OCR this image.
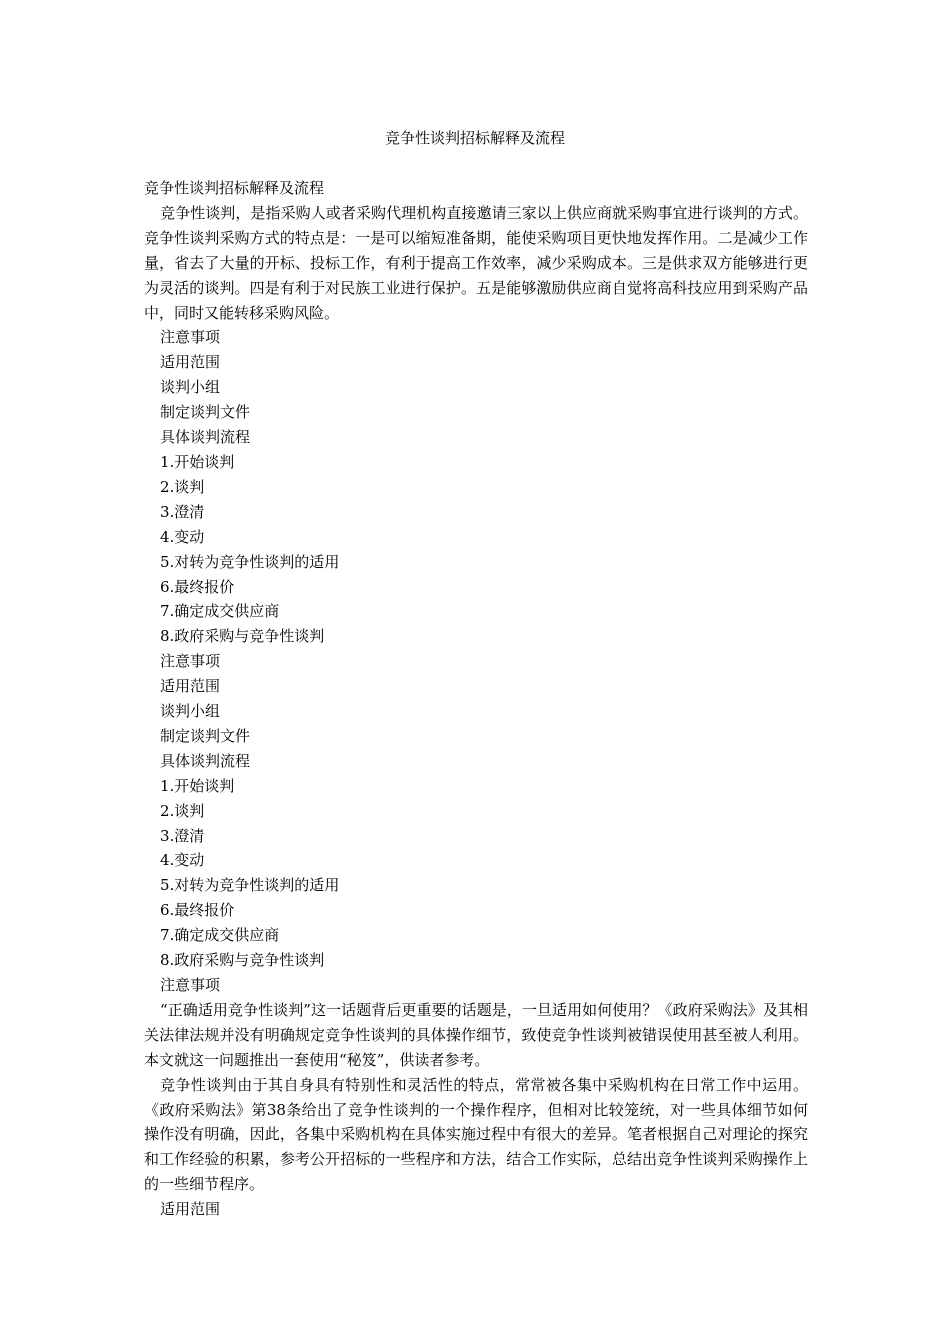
竞争性谈判招标解释及流程

竞争性谈判招标解释及流程

竞争性谈判，是指采购人或者采购代理机构直接邀请三家以上供应商就采购事宜进行谈判的方式。 竞争性谈判采购方式的特点是：一是可以缩短准备期，能使采购项目更快地发挥作用。二是减少工作量，省去了大量的开标、投标工作，有利于提高工作效率，减少采购成本。三是供求双方能够进行更为灵活的谈判。四是有利于对民族工业进行保护。五是能够激励供应商自觉将高科技应用到采购产品中，同时又能转移采购风险。

注意事项

适用范围

谈判小组

制定谈判文件

具体谈判流程

1.开始谈判

2.谈判

3.澄清

4.变动

5.对转为竞争性谈判的适用

6.最终报价

7.确定成交供应商

8.政府采购与竞争性谈判

注意事项

适用范围

谈判小组

制定谈判文件

具体谈判流程

1.开始谈判

2.谈判

3.澄清

4.变动

5.对转为竞争性谈判的适用

6.最终报价

7.确定成交供应商

8.政府采购与竞争性谈判

注意事项

“正确适用竞争性谈判”这一话题背后更重要的话题是，一旦适用如何使用？《政府采购法》及其相关法律法规并没有明确规定竞争性谈判的具体操作细节，致使竞争性谈判被错误使用甚至被人利用。本文就这一问题推出一套使用“秘笈”，供读者参考。

竞争性谈判由于其自身具有特别性和灵活性的特点，常常被各集中采购机构在日常工作中运用。《政府采购法》第38条给出了竞争性谈判的一个操作程序，但相对比较笼统，对一些具体细节如何操作没有明确，因此，各集中采购机构在具体实施过程中有很大的差异。笔者根据自己对理论的探究和工作经验的积累，参考公开招标的一些程序和方法，结合工作实际，总结出竞争性谈判采购操作上的一些细节程序。

适用范围
